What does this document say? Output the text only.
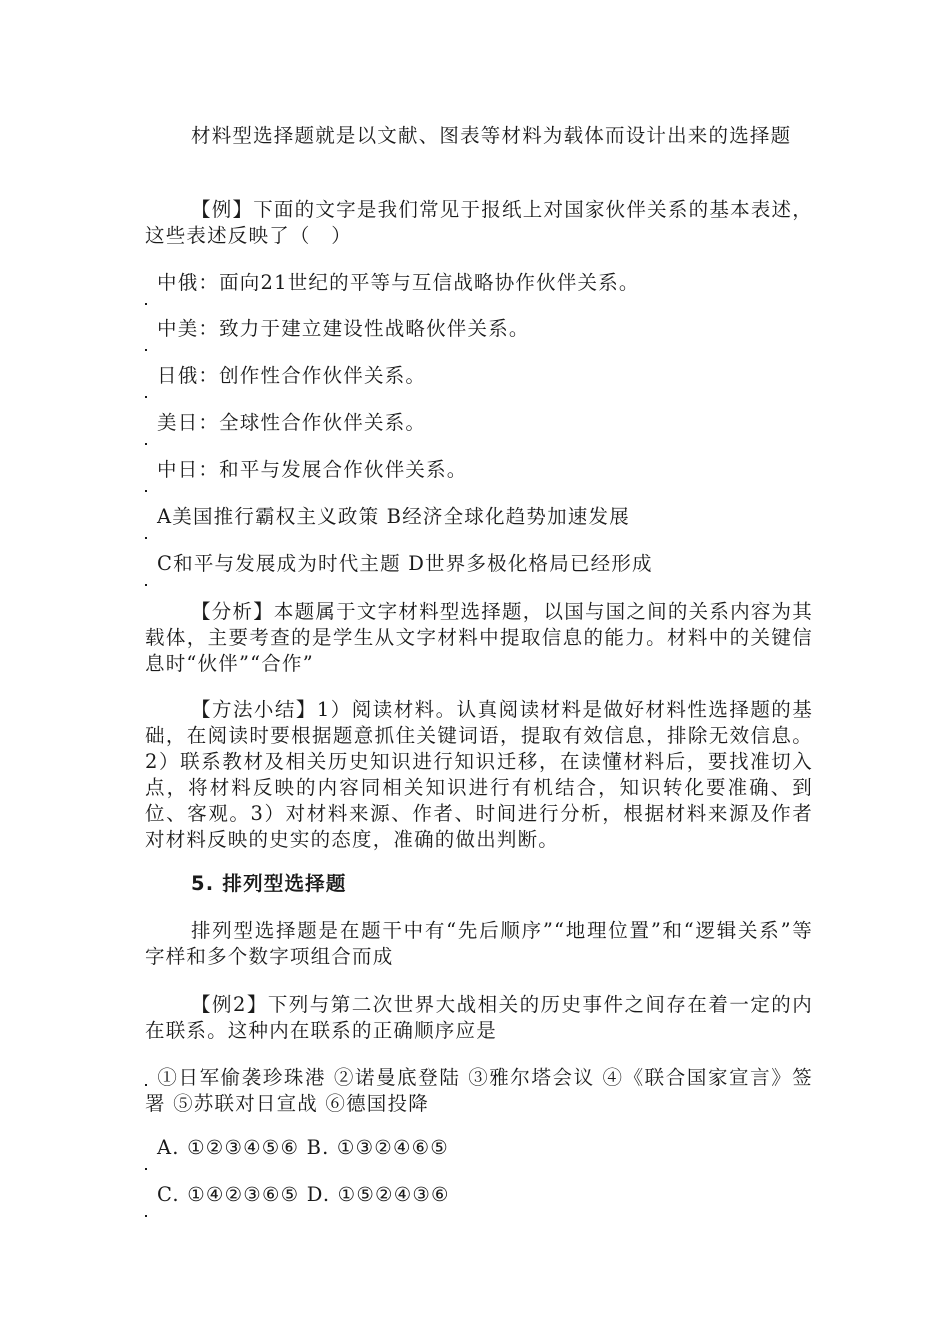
材料型选择题就是以文献、图表等材料为载体而设计出来的选择题

【例】下面的文字是我们常见于报纸上对国家伙伴关系的基本表述，这些表述反映了（　）

中俄：面向21世纪的平等与互信战略协作伙伴关系。

中美：致力于建立建设性战略伙伴关系。

日俄：创作性合作伙伴关系。

美日：全球性合作伙伴关系。

中日：和平与发展合作伙伴关系。

A美国推行霸权主义政策 B经济全球化趋势加速发展

C和平与发展成为时代主题 D世界多极化格局已经形成

【分析】本题属于文字材料型选择题，以国与国之间的关系内容为其载体，主要考查的是学生从文字材料中提取信息的能力。材料中的关键信息时“伙伴”“合作”

【方法小结】1）阅读材料。认真阅读材料是做好材料性选择题的基础，在阅读时要根据题意抓住关键词语，提取有效信息，排除无效信息。2）联系教材及相关历史知识进行知识迁移，在读懂材料后，要找准切入点，将材料反映的内容同相关知识进行有机结合，知识转化要准确、到位、客观。3）对材料来源、作者、时间进行分析，根据材料来源及作者对材料反映的史实的态度，准确的做出判断。

5. 排列型选择题

排列型选择题是在题干中有“先后顺序”“地理位置”和“逻辑关系”等字样和多个数字项组合而成

【例2】下列与第二次世界大战相关的历史事件之间存在着一定的内在联系。这种内在联系的正确顺序应是

①日军偷袭珍珠港 ②诺曼底登陆 ③雅尔塔会议 ④《联合国家宣言》签署 ⑤苏联对日宣战 ⑥德国投降

A. ①②③④⑤⑥ B. ①③②④⑥⑤

C. ①④②③⑥⑤ D. ①⑤②④③⑥
